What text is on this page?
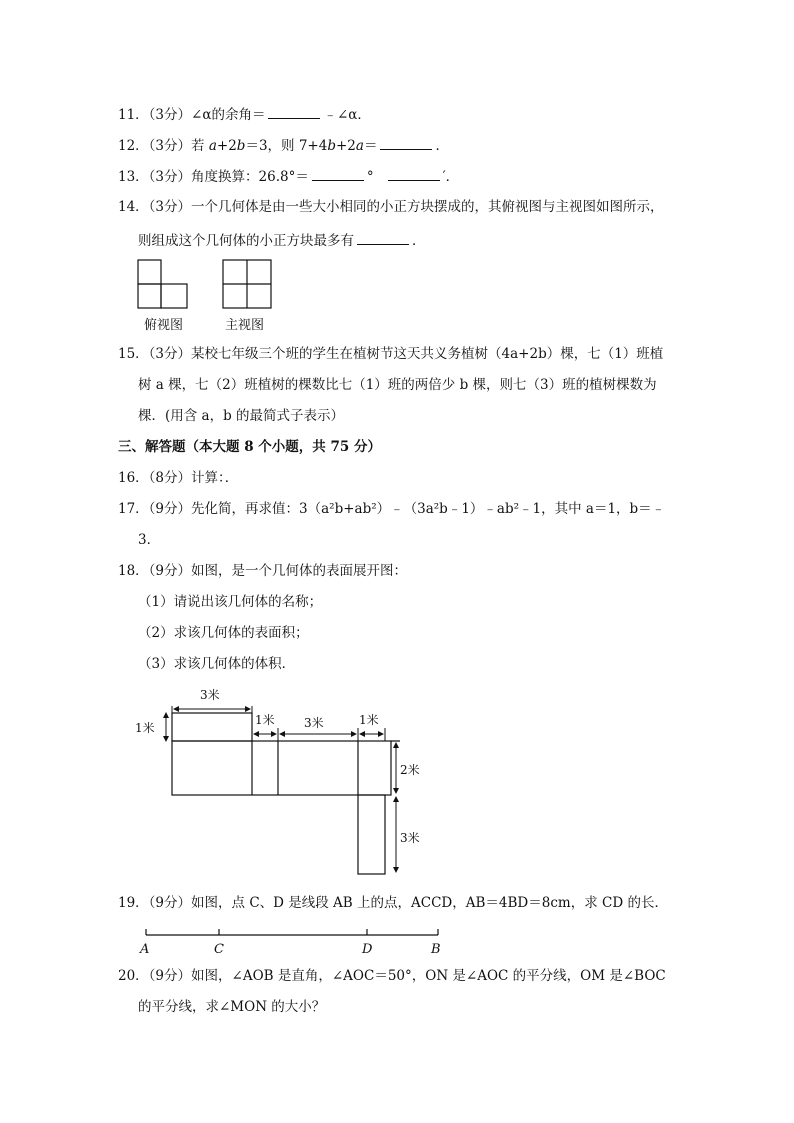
11．（3分）∠α的余角＝	﹣∠α．
12．（3分）若 a+2b＝3，则 7+4b+2a＝	．
13．（3分）角度换算：26.8°＝	°	′．
14．（3分）一个几何体是由一些大小相同的小正方块摆成的，其俯视图与主视图如图所示，
则组成这个几何体的小正方块最多有	．
俯视图	主视图
15．（3分）某校七年级三个班的学生在植树节这天共义务植树（4a+2b）棵，七（1）班植
树 a 棵，七（2）班植树的棵数比七（1）班的两倍少 b 棵，则七（3）班的植树棵数为
棵．(用含 a，b 的最简式子表示）
三、解答题（本大题 8 个小题，共 75 分）
16．（8分）计算：．
17．（9分）先化简，再求值：3（a²b+ab²）﹣（3a²b﹣1）﹣ab²﹣1，其中 a＝1，b＝﹣
3．
18．（9分）如图，是一个几何体的表面展开图：
（1）请说出该几何体的名称；
（2）求该几何体的表面积；
（3）求该几何体的体积．
3米
1米
1米 3米	1米
2米
3米
19．（9分）如图，点 C、D 是线段 AB 上的点，ACCD，AB＝4BD＝8cm，求 CD 的长．
A	C	D	B
20．（9分）如图，∠AOB 是直角，∠AOC＝50°，ON 是∠AOC 的平分线，OM 是∠BOC
的平分线，求∠MON 的大小？
